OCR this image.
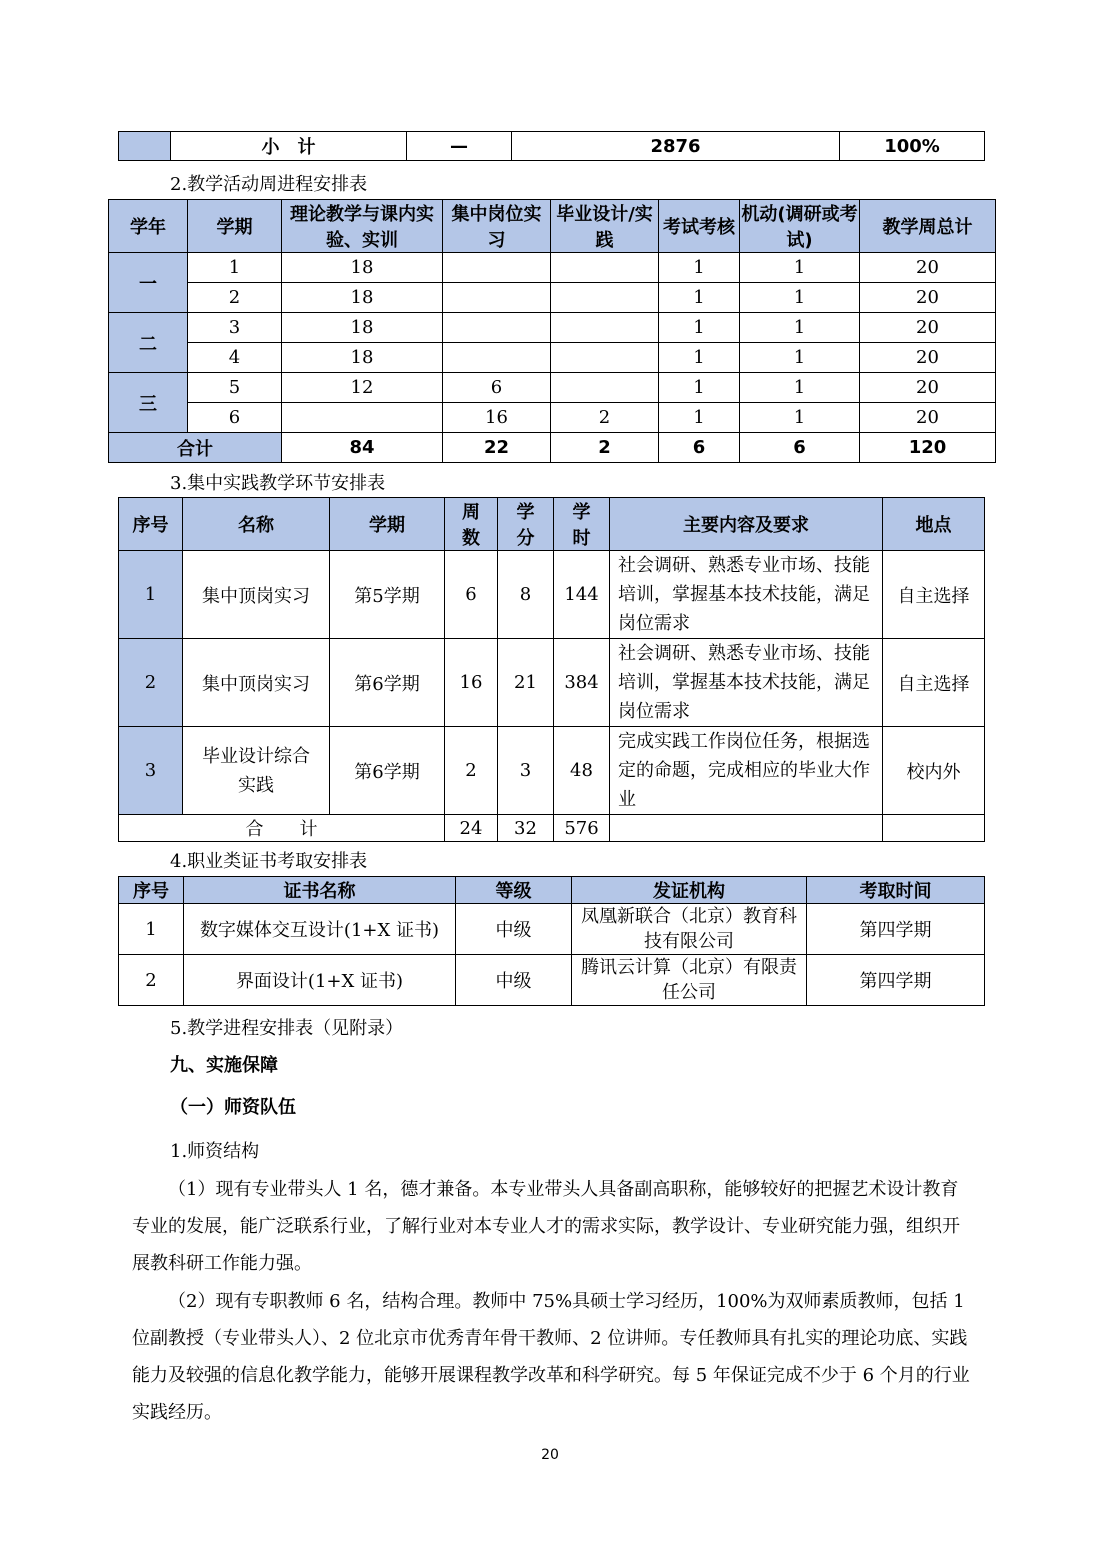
	小　计	—	2876	100%
2.教学活动周进程安排表
学年	学期	理论教学与课内实验、实训	集中岗位实习	毕业设计/实践	考试考核	机动(调研或考试)	教学周总计
一	1	18			1	1	20
	2	18			1	1	20
二	3	18			1	1	20
	4	18			1	1	20
三	5	12	6		1	1	20
	6		16	2	1	1	20
合计		84	22	2	6	6	120
3.集中实践教学环节安排表
序号	名称	学期	周数	学分	学时	主要内容及要求	地点
1	集中顶岗实习	第5学期	6	8	144	社会调研、熟悉专业市场、技能培训，掌握基本技术技能，满足岗位需求	自主选择
2	集中顶岗实习	第6学期	16	21	384	社会调研、熟悉专业市场、技能培训，掌握基本技术技能，满足岗位需求	自主选择
3	毕业设计综合实践	第6学期	2	3	48	完成实践工作岗位任务，根据选定的命题，完成相应的毕业大作业	校内外
合　　计			24	32	576		
4.职业类证书考取安排表
序号	证书名称	等级	发证机构	考取时间
1	数字媒体交互设计(1+X 证书)	中级	凤凰新联合（北京）教育科技有限公司	第四学期
2	界面设计(1+X 证书)	中级	腾讯云计算（北京）有限责任公司	第四学期
5.教学进程安排表（见附录）
九、实施保障
（一）师资队伍
1.师资结构
（1）现有专业带头人 1 名，德才兼备。本专业带头人具备副高职称，能够较好的把握艺术设计教育专业的发展，能广泛联系行业，了解行业对本专业人才的需求实际，教学设计、专业研究能力强，组织开展教科研工作能力强。
（2）现有专职教师 6 名，结构合理。教师中 75%具硕士学习经历，100%为双师素质教师，包括 1 位副教授（专业带头人）、2 位北京市优秀青年骨干教师、2 位讲师。专任教师具有扎实的理论功底、实践能力及较强的信息化教学能力，能够开展课程教学改革和科学研究。每 5 年保证完成不少于 6 个月的行业实践经历。
20
